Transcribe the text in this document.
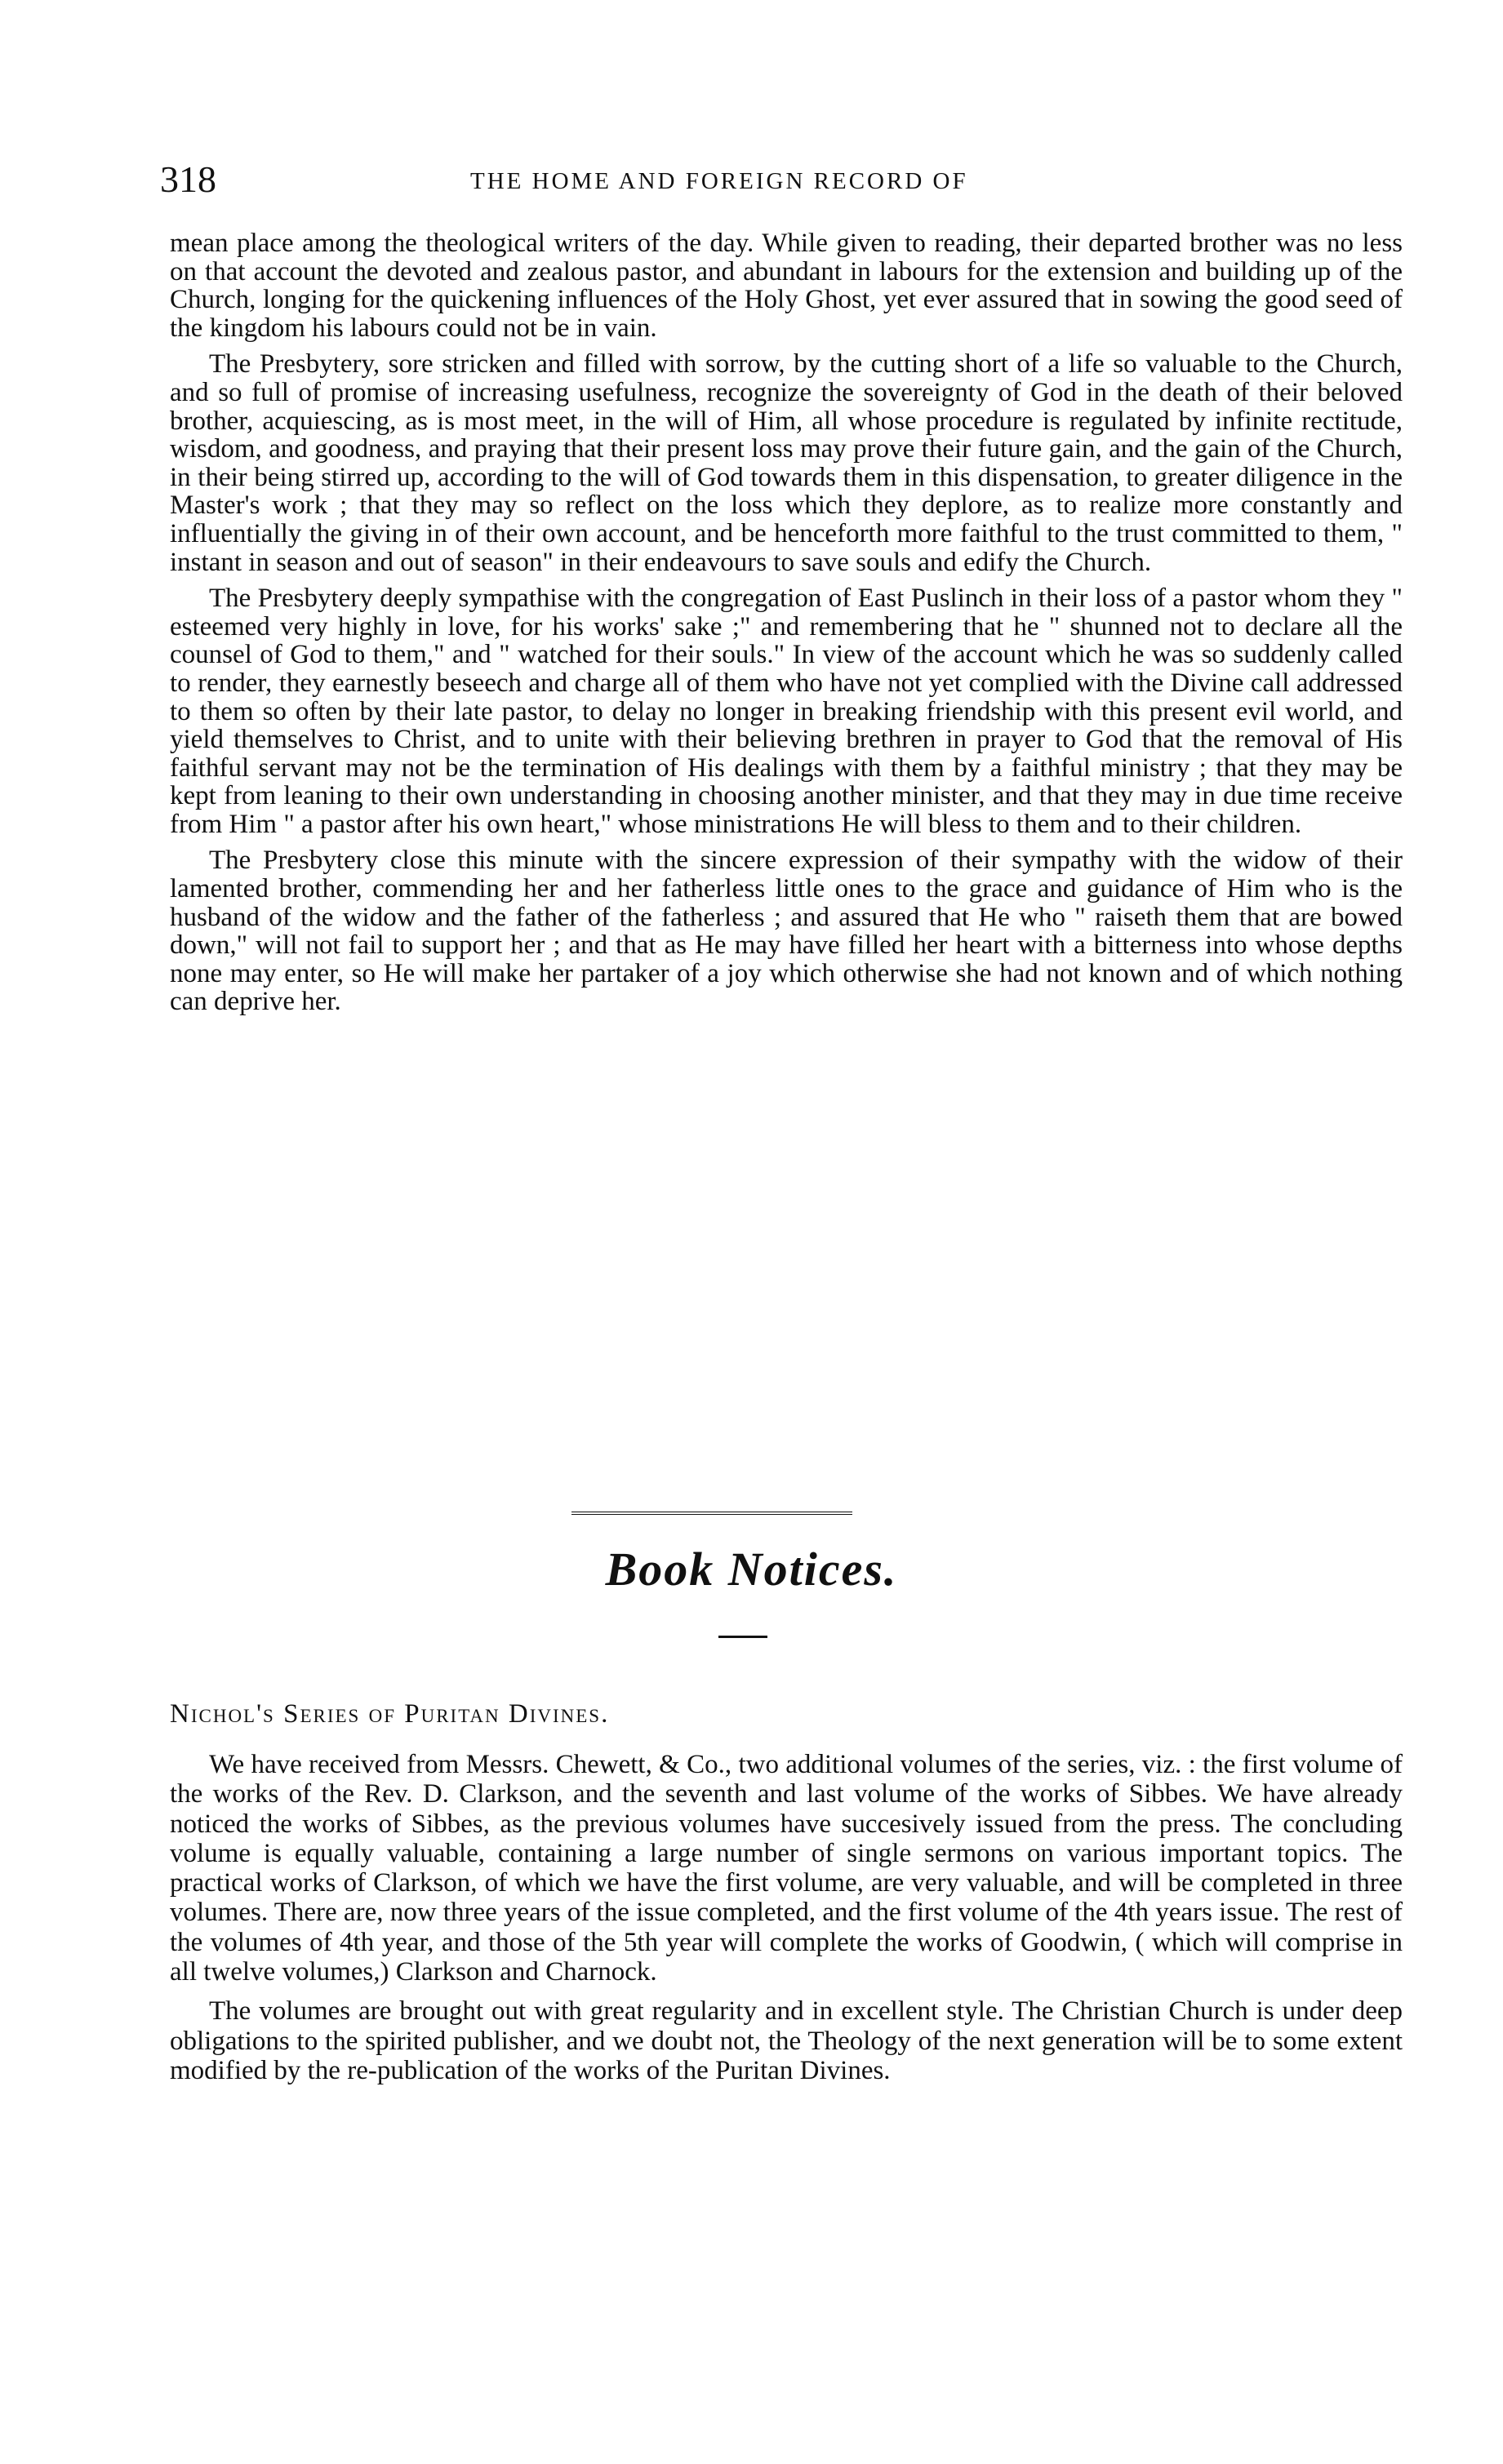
318	THE HOME AND FOREIGN RECORD OF

mean place among the theological writers of the day. While given to reading, their departed brother was no less on that account the devoted and zealous pastor, and abundant in labours for the extension and building up of the Church, longing for the quickening influences of the Holy Ghost, yet ever assured that in sowing the good seed of the kingdom his labours could not be in vain.

The Presbytery, sore stricken and filled with sorrow, by the cutting short of a life so valuable to the Church, and so full of promise of increasing usefulness, recognize the sovereignty of God in the death of their beloved brother, acquiescing, as is most meet, in the will of Him, all whose procedure is regulated by infinite rectitude, wisdom, and goodness, and praying that their present loss may prove their future gain, and the gain of the Church, in their being stirred up, according to the will of God towards them in this dispensation, to greater diligence in the Master's work ; that they may so reflect on the loss which they deplore, as to realize more constantly and influentially the giving in of their own account, and be henceforth more faithful to the trust committed to them, " instant in season and out of season" in their endeavours to save souls and edify the Church.

The Presbytery deeply sympathise with the congregation of East Puslinch in their loss of a pastor whom they " esteemed very highly in love, for his works' sake ;" and remembering that he " shunned not to declare all the counsel of God to them," and " watched for their souls." In view of the account which he was so suddenly called to render, they earnestly beseech and charge all of them who have not yet complied with the Divine call addressed to them so often by their late pastor, to delay no longer in breaking friendship with this present evil world, and yield themselves to Christ, and to unite with their believing brethren in prayer to God that the removal of His faithful servant may not be the termination of His dealings with them by a faithful ministry ; that they may be kept from leaning to their own understanding in choosing another minister, and that they may in due time receive from Him " a pastor after his own heart," whose ministrations He will bless to them and to their children.

The Presbytery close this minute with the sincere expression of their sympathy with the widow of their lamented brother, commending her and her fatherless little ones to the grace and guidance of Him who is the husband of the widow and the father of the fatherless ; and assured that He who " raiseth them that are bowed down," will not fail to support her ; and that as He may have filled her heart with a bitterness into whose depths none may enter, so He will make her partaker of a joy which otherwise she had not known and of which nothing can deprive her.

Book Notices.
Nichol's Series of Puritan Divines.

We have received from Messrs. Chewett, & Co., two additional volumes of the series, viz. : the first volume of the works of the Rev. D. Clarkson, and the seventh and last volume of the works of Sibbes. We have already noticed the works of Sibbes, as the previous volumes have succesively issued from the press. The concluding volume is equally valuable, containing a large number of single sermons on various important topics. The practical works of Clarkson, of which we have the first volume, are very valuable, and will be completed in three volumes. There are, now three years of the issue completed, and the first volume of the 4th years issue. The rest of the volumes of 4th year, and those of the 5th year will complete the works of Goodwin, ( which will comprise in all twelve volumes,) Clarkson and Charnock.

The volumes are brought out with great regularity and in excellent style. The Christian Church is under deep obligations to the spirited publisher, and we doubt not, the Theology of the next generation will be to some extent modified by the re-publication of the works of the Puritan Divines.
